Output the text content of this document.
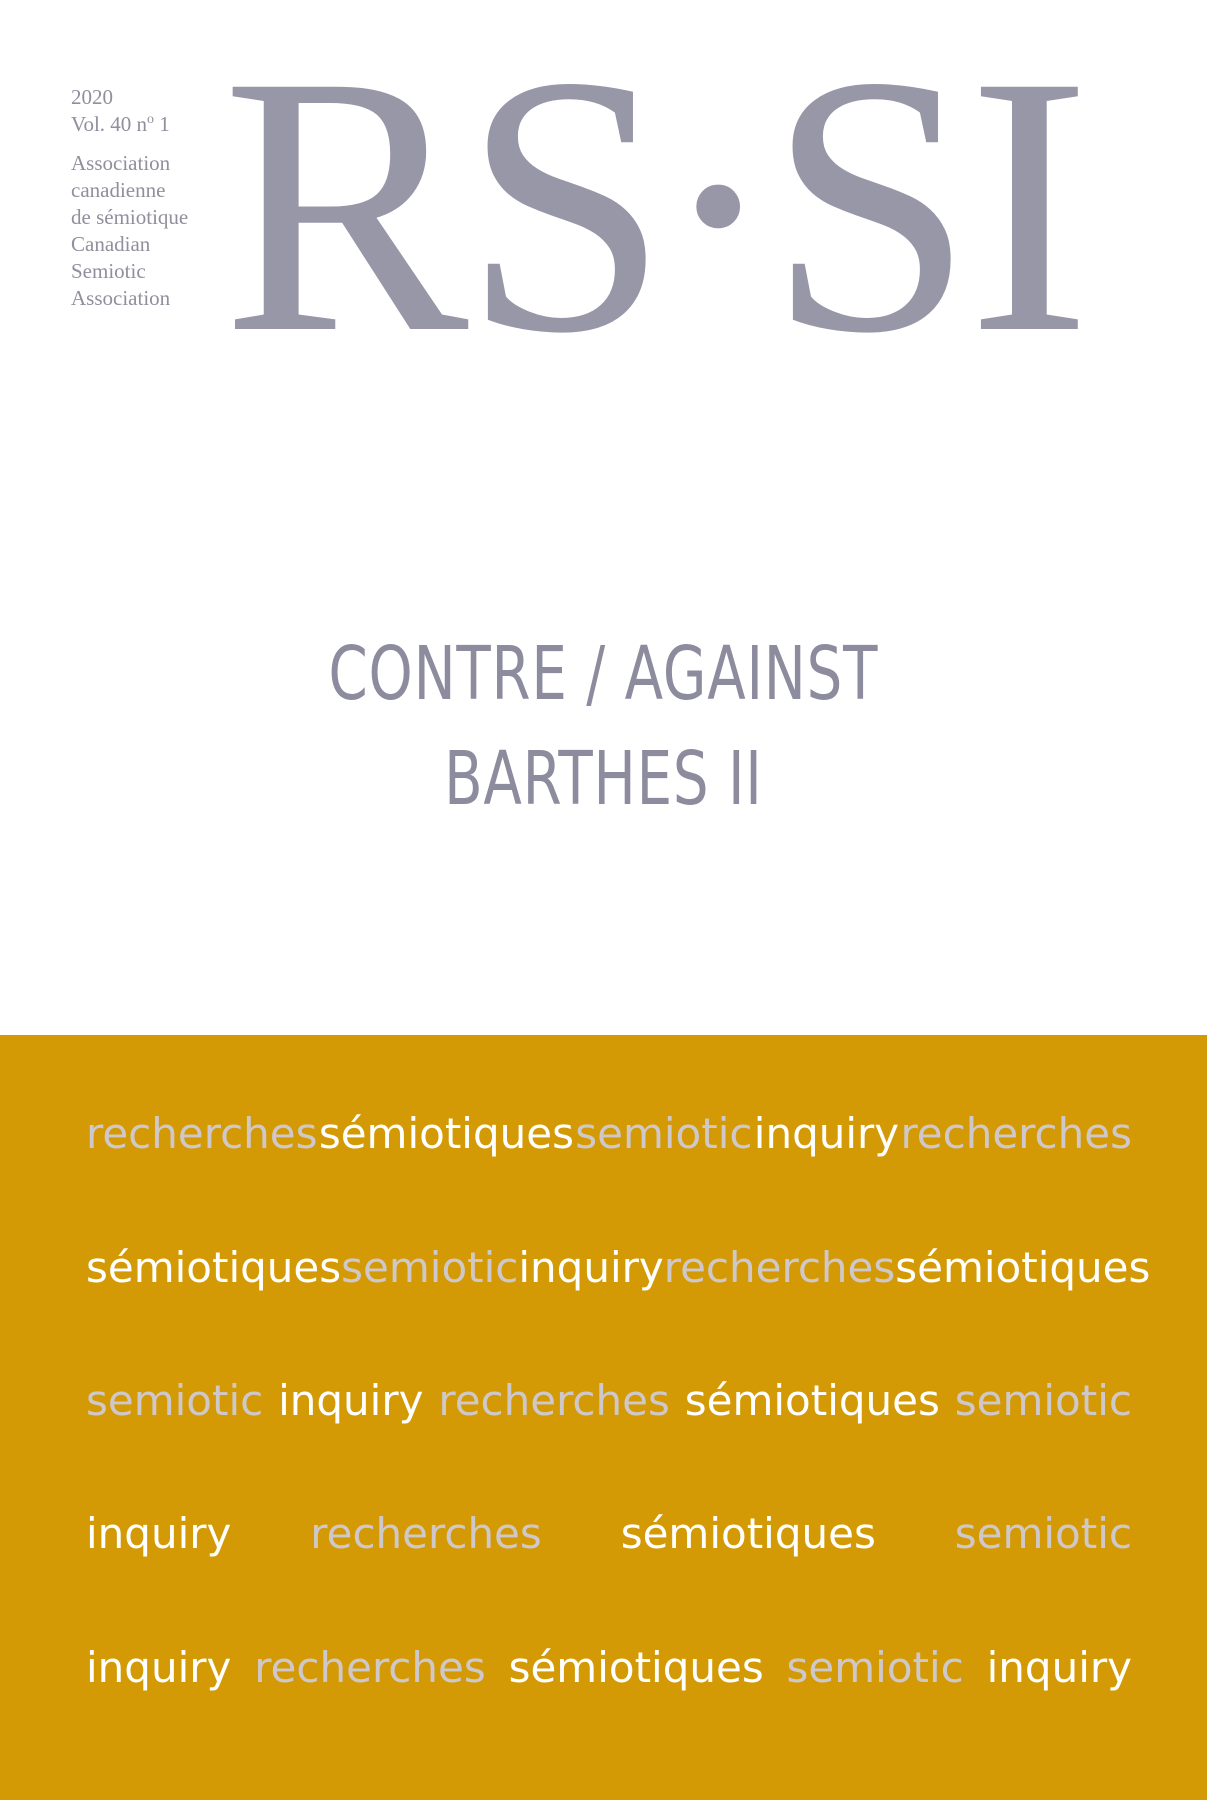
2020
Vol. 40 $n^o$ 1
Association
canadienne
de sémiotique
Canadian
Semiotic
Association RS·SI
CONTRE / AGAINST
BARTHES II
recherches sémiotiques semiotic inquiry recherches
sémiotiques semiotic inquiry recherches sémiotiques
semiotic inquiry recherches sémiotiques semiotic
inquiry recherches sémiotiques semiotic
inquiry recherches sémiotiques semiotic inquiry
